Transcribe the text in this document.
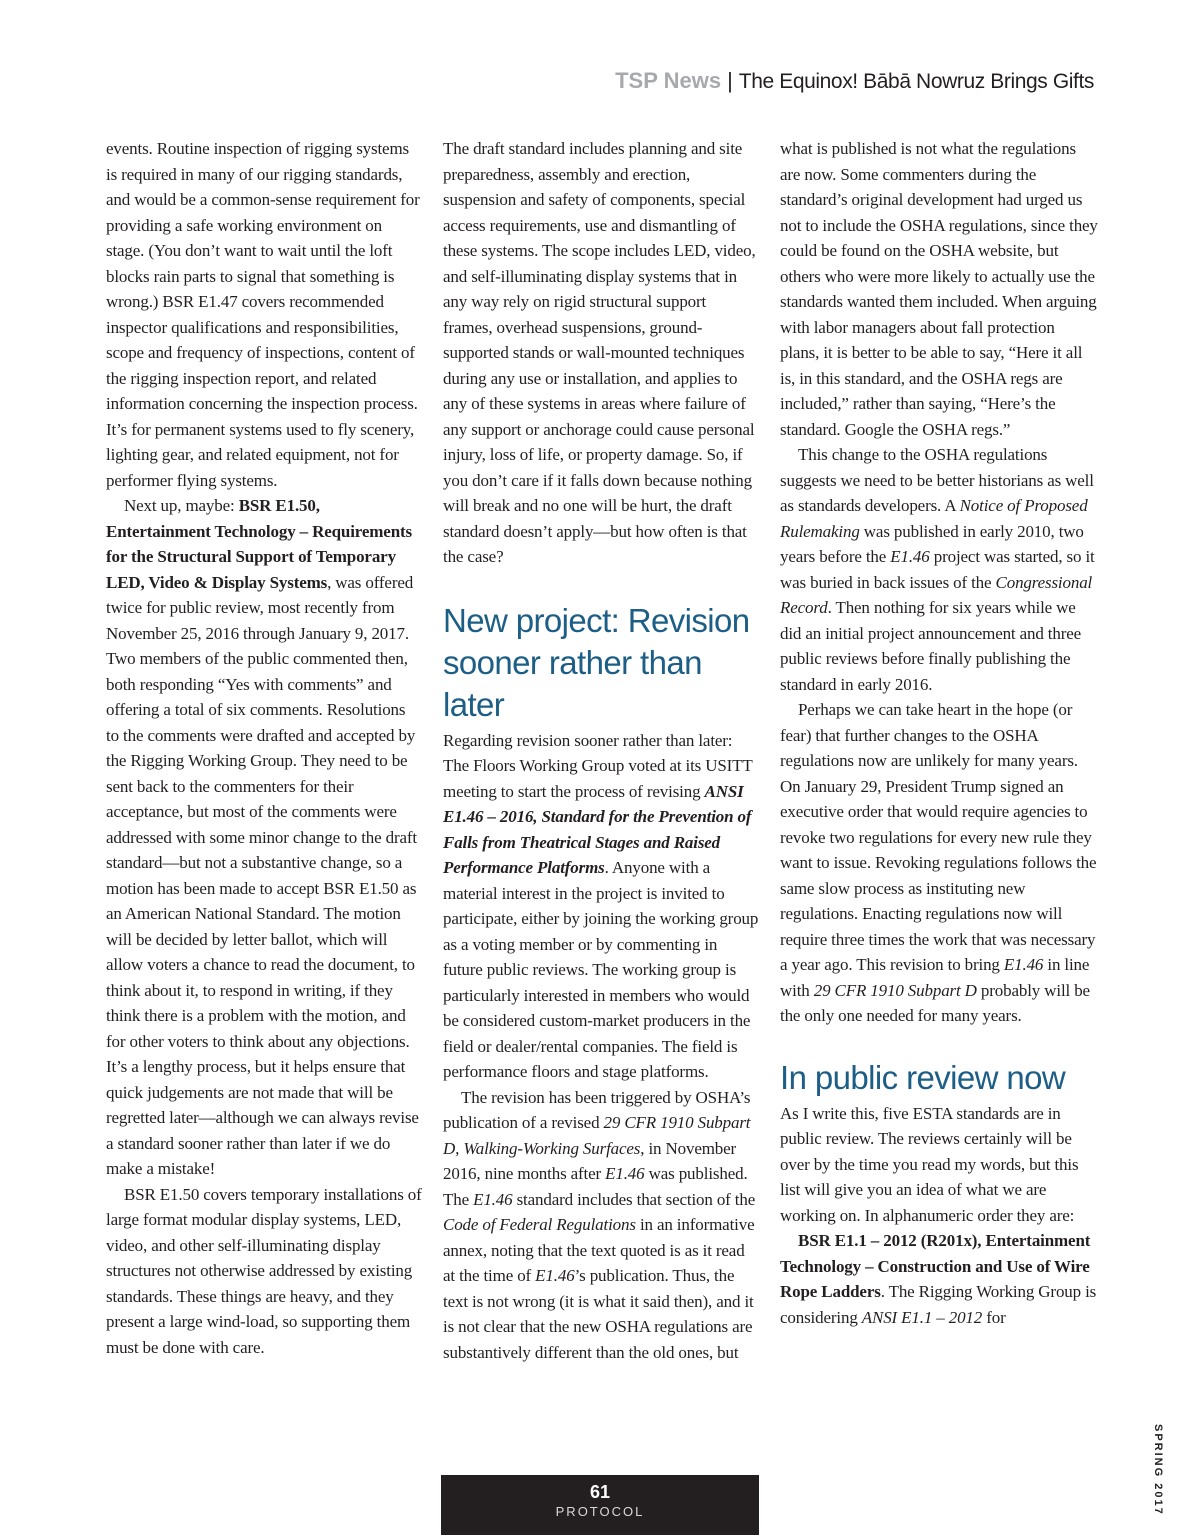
TSP News | The Equinox! Bābā Nowruz Brings Gifts

events. Routine inspection of rigging systems is required in many of our rigging standards, and would be a common-sense requirement for providing a safe working environment on stage. (You don’t want to wait until the loft blocks rain parts to signal that something is wrong.) BSR E1.47 covers recommended inspector qualifications and responsibilities, scope and frequency of inspections, content of the rigging inspection report, and related information concerning the inspection process. It’s for permanent systems used to fly scenery, lighting gear, and related equipment, not for performer flying systems.

Next up, maybe: BSR E1.50, Entertainment Technology – Requirements for the Structural Support of Temporary LED, Video & Display Systems, was offered twice for public review, most recently from November 25, 2016 through January 9, 2017. Two members of the public commented then, both responding “Yes with comments” and offering a total of six comments. Resolutions to the comments were drafted and accepted by the Rigging Working Group. They need to be sent back to the commenters for their acceptance, but most of the comments were addressed with some minor change to the draft standard—but not a substantive change, so a motion has been made to accept BSR E1.50 as an American National Standard. The motion will be decided by letter ballot, which will allow voters a chance to read the document, to think about it, to respond in writing, if they think there is a problem with the motion, and for other voters to think about any objections. It’s a lengthy process, but it helps ensure that quick judgements are not made that will be regretted later—although we can always revise a standard sooner rather than later if we do make a mistake!

BSR E1.50 covers temporary installations of large format modular display systems, LED, video, and other self-illuminating display structures not otherwise addressed by existing standards. These things are heavy, and they present a large wind-load, so supporting them must be done with care.

The draft standard includes planning and site preparedness, assembly and erection, suspension and safety of components, special access requirements, use and dismantling of these systems. The scope includes LED, video, and self-illuminating display systems that in any way rely on rigid structural support frames, overhead suspensions, ground-supported stands or wall-mounted techniques during any use or installation, and applies to any of these systems in areas where failure of any support or anchorage could cause personal injury, loss of life, or property damage. So, if you don’t care if it falls down because nothing will break and no one will be hurt, the draft standard doesn’t apply—but how often is that the case?

New project: Revision sooner rather than later

Regarding revision sooner rather than later: The Floors Working Group voted at its USITT meeting to start the process of revising ANSI E1.46 – 2016, Standard for the Prevention of Falls from Theatrical Stages and Raised Performance Platforms. Anyone with a material interest in the project is invited to participate, either by joining the working group as a voting member or by commenting in future public reviews. The working group is particularly interested in members who would be considered custom-market producers in the field or dealer/rental companies. The field is performance floors and stage platforms.

The revision has been triggered by OSHA’s publication of a revised 29 CFR 1910 Subpart D, Walking-Working Surfaces, in November 2016, nine months after E1.46 was published. The E1.46 standard includes that section of the Code of Federal Regulations in an informative annex, noting that the text quoted is as it read at the time of E1.46’s publication. Thus, the text is not wrong (it is what it said then), and it is not clear that the new OSHA regulations are substantively different than the old ones, but

what is published is not what the regulations are now. Some commenters during the standard’s original development had urged us not to include the OSHA regulations, since they could be found on the OSHA website, but others who were more likely to actually use the standards wanted them included. When arguing with labor managers about fall protection plans, it is better to be able to say, “Here it all is, in this standard, and the OSHA regs are included,” rather than saying, “Here’s the standard. Google the OSHA regs.”

This change to the OSHA regulations suggests we need to be better historians as well as standards developers. A Notice of Proposed Rulemaking was published in early 2010, two years before the E1.46 project was started, so it was buried in back issues of the Congressional Record. Then nothing for six years while we did an initial project announcement and three public reviews before finally publishing the standard in early 2016.

Perhaps we can take heart in the hope (or fear) that further changes to the OSHA regulations now are unlikely for many years. On January 29, President Trump signed an executive order that would require agencies to revoke two regulations for every new rule they want to issue. Revoking regulations follows the same slow process as instituting new regulations. Enacting regulations now will require three times the work that was necessary a year ago. This revision to bring E1.46 in line with 29 CFR 1910 Subpart D probably will be the only one needed for many years.

In public review now

As I write this, five ESTA standards are in public review. The reviews certainly will be over by the time you read my words, but this list will give you an idea of what we are working on. In alphanumeric order they are:

BSR E1.1 – 2012 (R201x), Entertainment Technology – Construction and Use of Wire Rope Ladders. The Rigging Working Group is considering ANSI E1.1 – 2012 for

SPRING 2017
61
PROTOCOL
